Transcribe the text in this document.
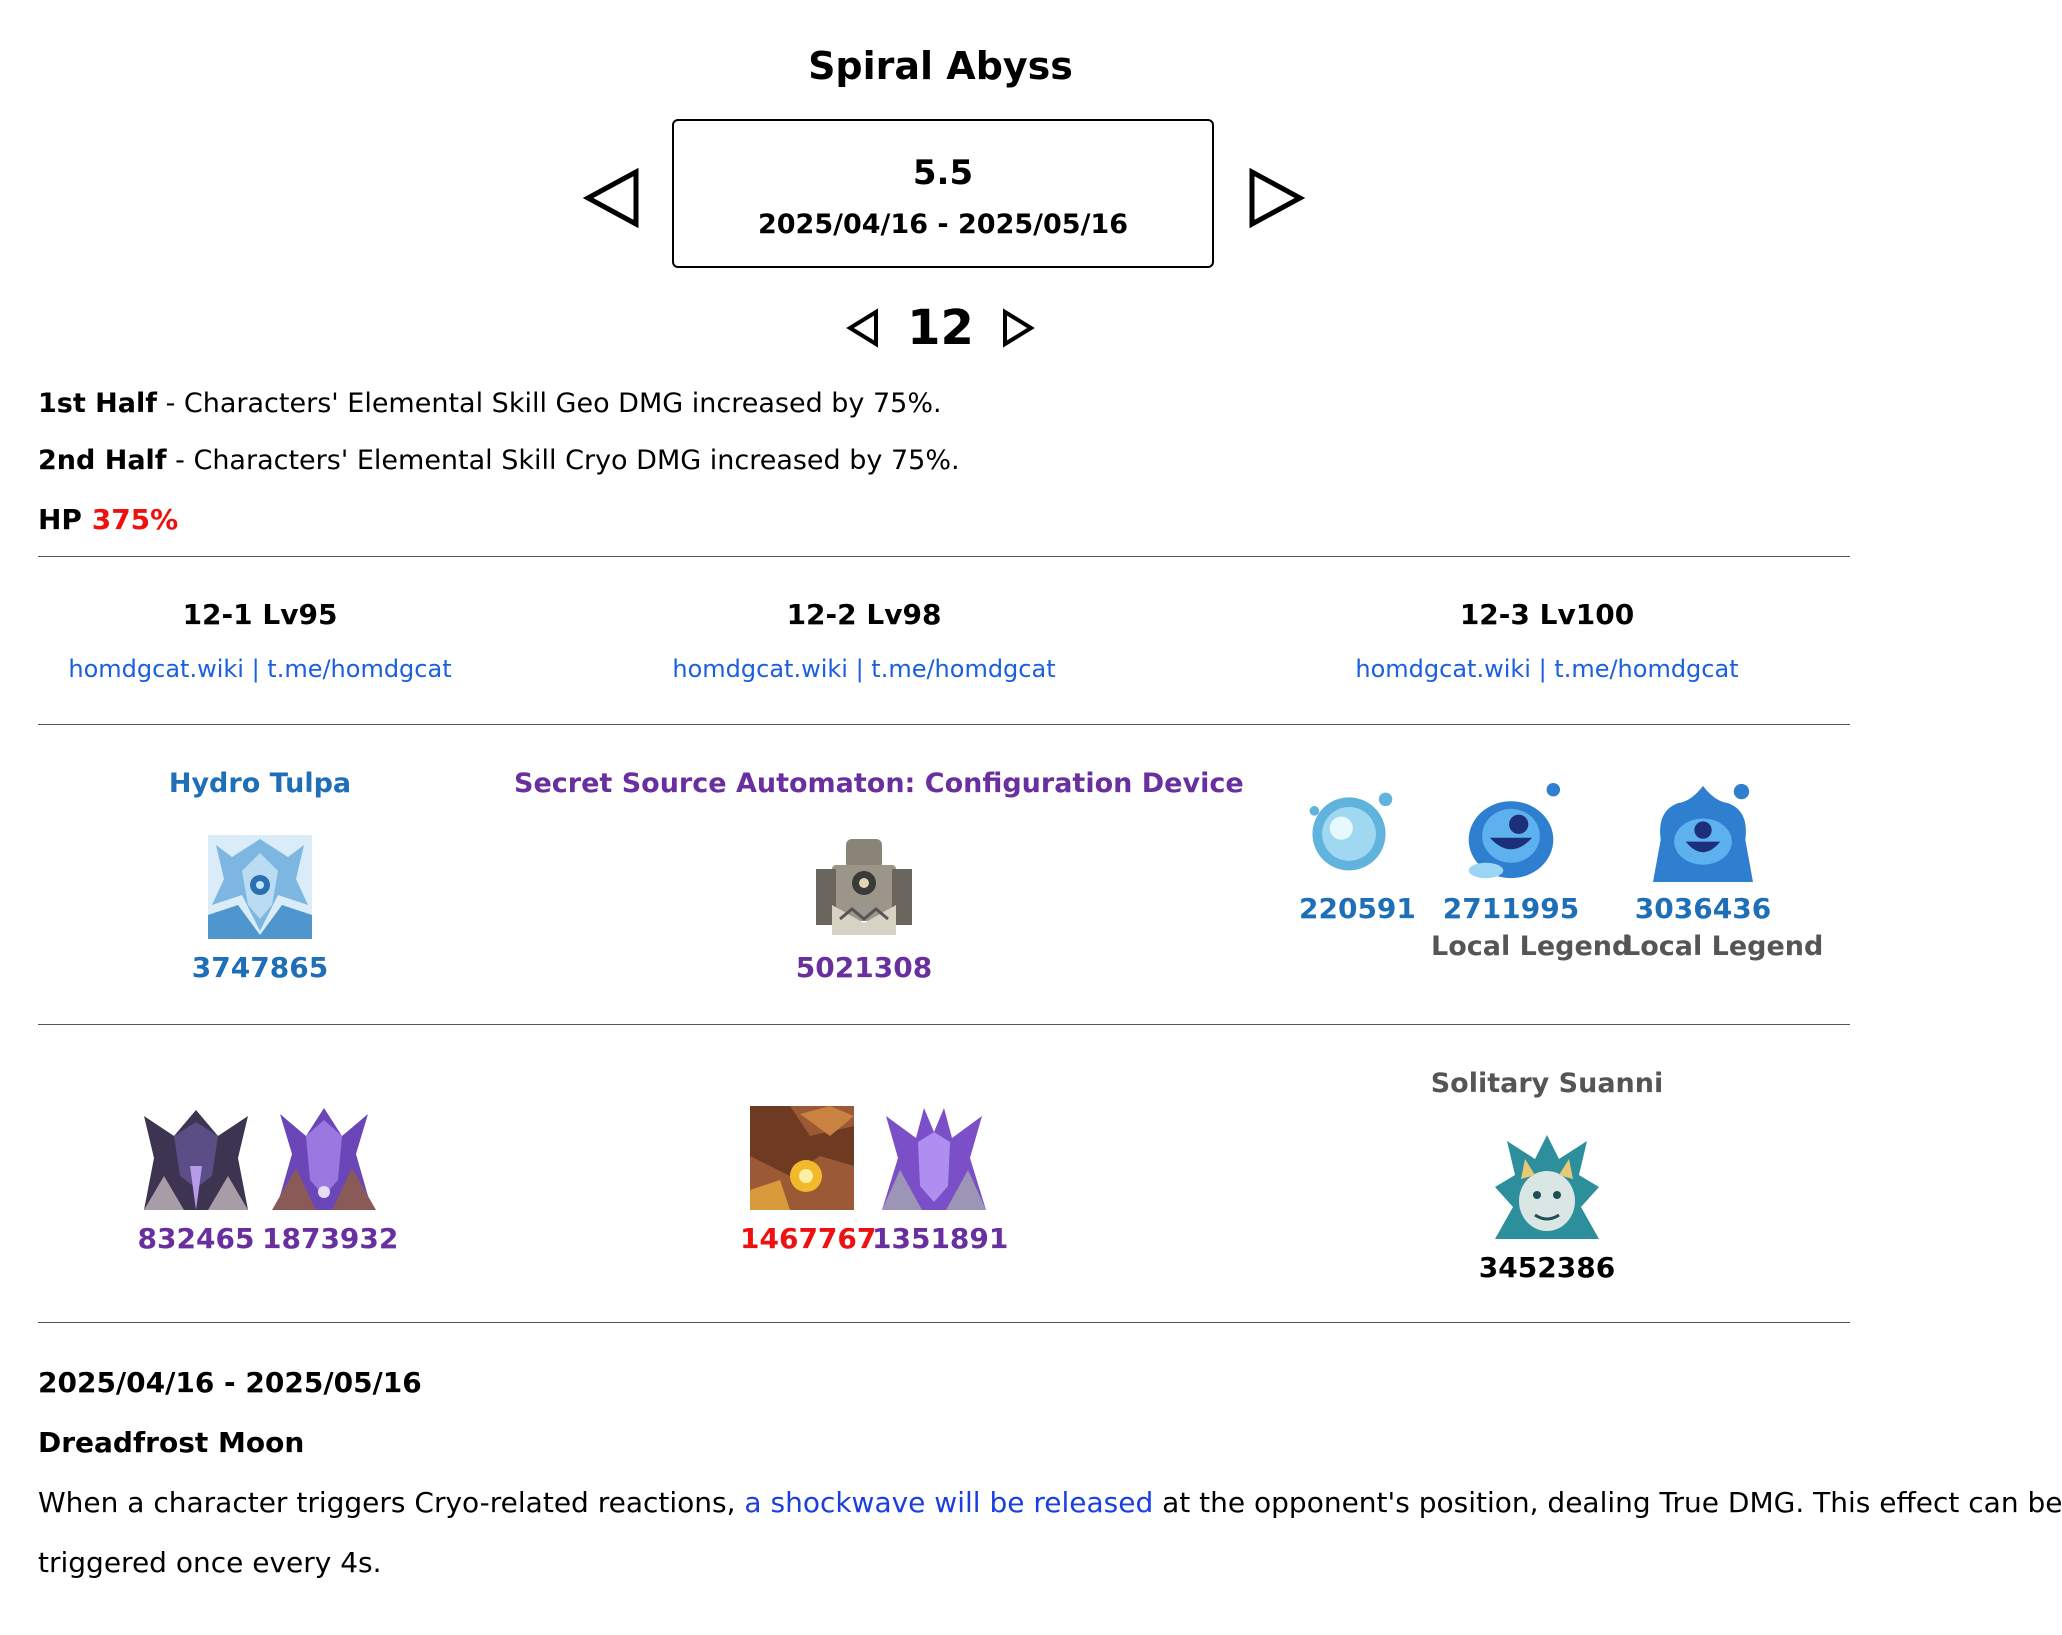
Spiral Abyss
5.5
2025/04/16 - 2025/05/16
12
1st Half - Characters' Elemental Skill Geo DMG increased by 75%.
2nd Half - Characters' Elemental Skill Cryo DMG increased by 75%.
HP 375%
12-1 Lv95
homdgcat.wiki | t.me/homdgcat
12-2 Lv98
homdgcat.wiki | t.me/homdgcat
12-3 Lv100
homdgcat.wiki | t.me/homdgcat
Hydro Tulpa
3747865
Secret Source Automaton: Configuration Device
5021308
220591 2711995
Local Legend
3036436
Local Legend
832465 1873932	1467767
1351891
Solitary Suanni
3452386
2025/04/16 - 2025/05/16
Dreadfrost Moon
When a character triggers Cryo-related reactions, a shockwave will be released at the opponent's position, dealing True DMG. This effect can be
triggered once every 4s.
